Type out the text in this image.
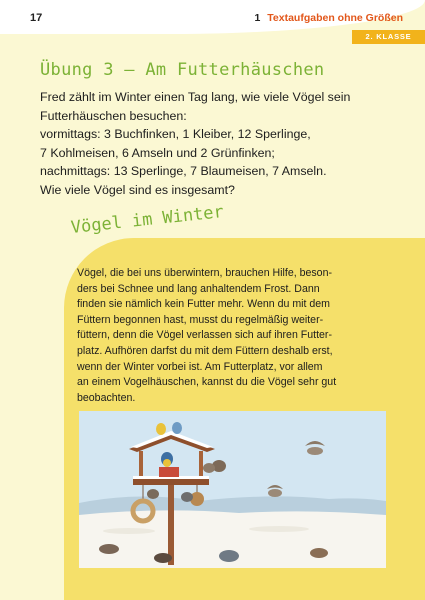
17	1 Textaufgaben ohne Größen
2. KLASSE
Übung 3 – Am Futterhäuschen
Fred zählt im Winter einen Tag lang, wie viele Vögel sein
Futterhäuschen besuchen:
vormittags: 3 Buchfinken, 1 Kleiber, 12 Sperlinge,
7 Kohlmeisen, 6 Amseln und 2 Grünfinken;
nachmittags: 13 Sperlinge, 7 Blaumeisen, 7 Amseln.
Wie viele Vögel sind es insgesamt?
Vögel im Winter
Vögel, die bei uns überwintern, brauchen Hilfe, beson-
ders bei Schnee und lang anhaltendem Frost. Dann
finden sie nämlich kein Futter mehr. Wenn du mit dem
Füttern begonnen hast, musst du regelmäßig weiter-
füttern, denn die Vögel verlassen sich auf ihren Futter-
platz. Aufhören darfst du mit dem Füttern deshalb erst,
wenn der Winter vorbei ist. Am Futterplatz, vor allem
an einem Vogelhäuschen, kannst du die Vögel sehr gut
beobachten.
